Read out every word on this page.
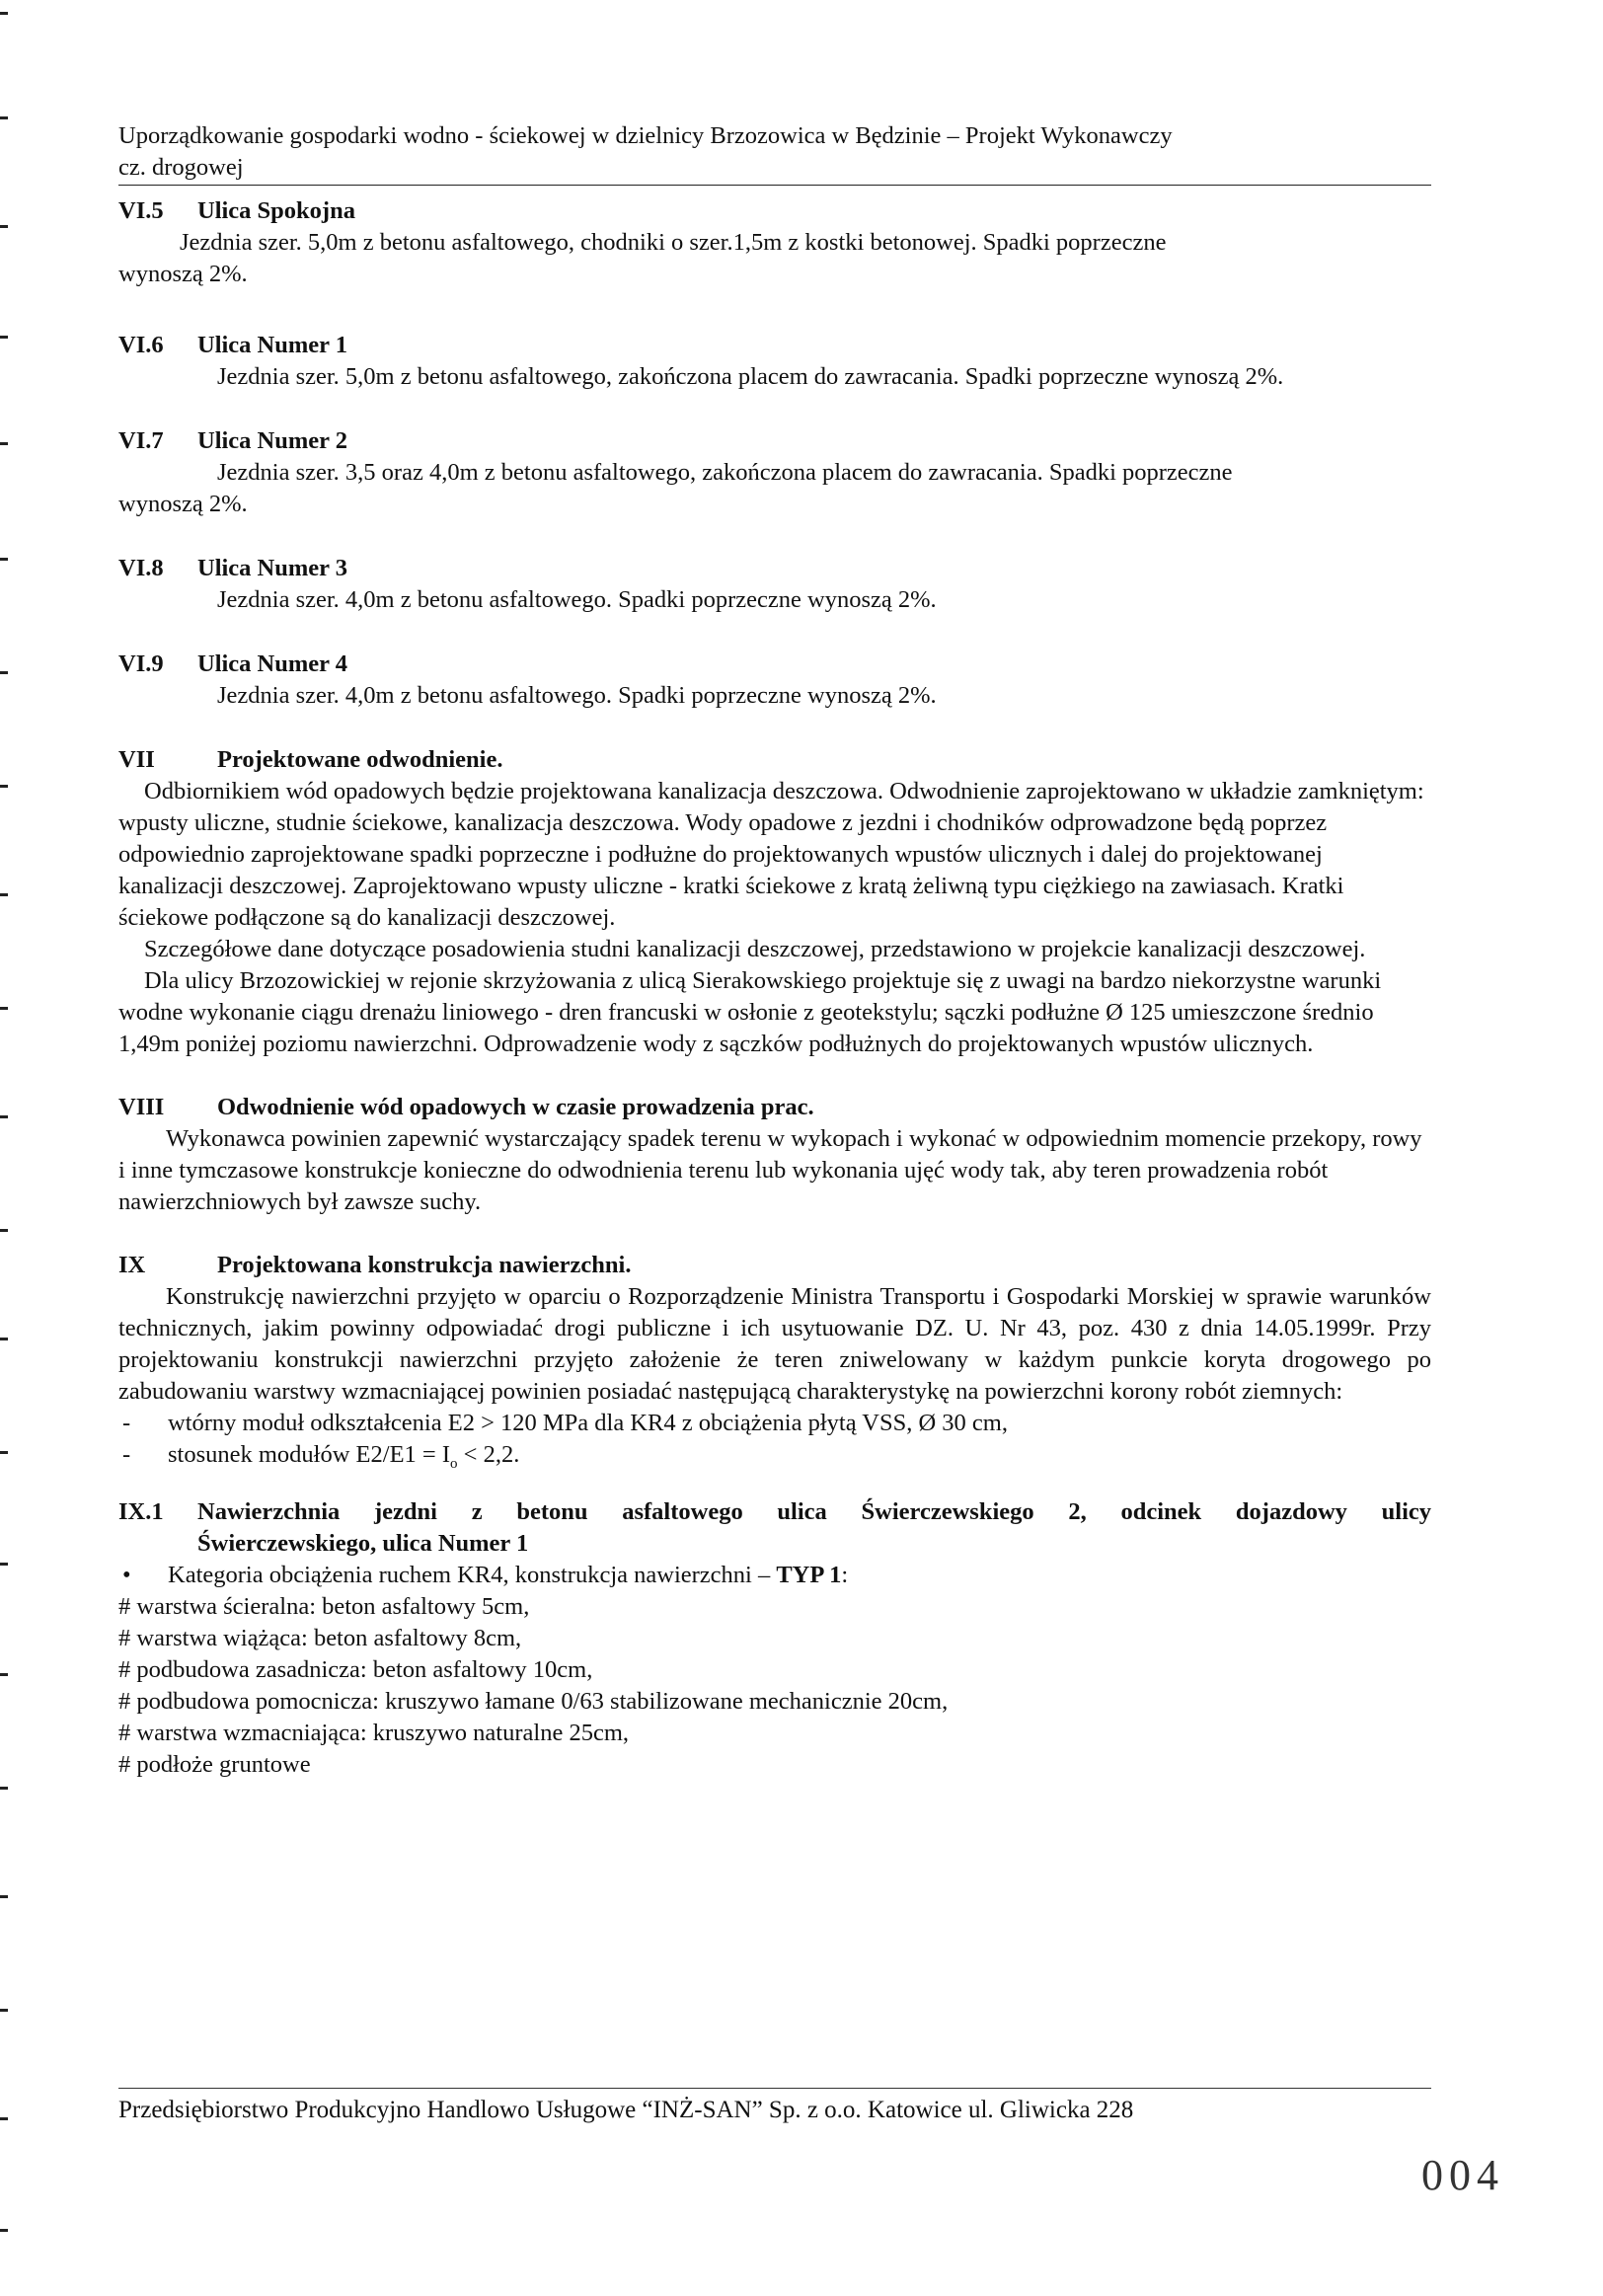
Uporządkowanie gospodarki wodno - ściekowej w dzielnicy Brzozowica w Będzinie – Projekt Wykonawczy
cz. drogowej
VI.5 Ulica Spokojna

Jezdnia szer. 5,0m z betonu asfaltowego, chodniki o szer.1,5m z kostki betonowej. Spadki poprzeczne

wynoszą 2%.

VI.6 Ulica Numer 1

Jezdnia szer. 5,0m z betonu asfaltowego, zakończona placem do zawracania. Spadki poprzeczne wynoszą 2%.

VI.7 Ulica Numer 2

Jezdnia szer. 3,5 oraz 4,0m z betonu asfaltowego, zakończona placem do zawracania. Spadki poprzeczne

wynoszą 2%.

VI.8 Ulica Numer 3

Jezdnia szer. 4,0m z betonu asfaltowego. Spadki poprzeczne wynoszą 2%.

VI.9 Ulica Numer 4

Jezdnia szer. 4,0m z betonu asfaltowego. Spadki poprzeczne wynoszą 2%.

VII	Projektowane odwodnienie.

Odbiornikiem wód opadowych będzie projektowana kanalizacja deszczowa. Odwodnienie zaprojektowano w układzie zamkniętym: wpusty uliczne, studnie ściekowe, kanalizacja deszczowa. Wody opadowe z jezdni i chodników odprowadzone będą poprzez odpowiednio zaprojektowane spadki poprzeczne i podłużne do projektowanych wpustów ulicznych i dalej do projektowanej kanalizacji deszczowej. Zaprojektowano wpusty uliczne - kratki ściekowe z kratą żeliwną typu ciężkiego na zawiasach. Kratki ściekowe podłączone są do kanalizacji deszczowej.

Szczegółowe dane dotyczące posadowienia studni kanalizacji deszczowej, przedstawiono w projekcie kanalizacji deszczowej.

Dla ulicy Brzozowickiej w rejonie skrzyżowania z ulicą Sierakowskiego projektuje się z uwagi na bardzo niekorzystne warunki wodne wykonanie ciągu drenażu liniowego - dren francuski w osłonie z geotekstylu; sączki podłużne Ø 125 umieszczone średnio 1,49m poniżej poziomu nawierzchni. Odprowadzenie wody z sączków podłużnych do projektowanych wpustów ulicznych.

VIII Odwodnienie wód opadowych w czasie prowadzenia prac.

Wykonawca powinien zapewnić wystarczający spadek terenu w wykopach i wykonać w odpowiednim momencie przekopy, rowy i inne tymczasowe konstrukcje konieczne do odwodnienia terenu lub wykonania ujęć wody tak, aby teren prowadzenia robót nawierzchniowych był zawsze suchy.

IX	Projektowana konstrukcja nawierzchni.

Konstrukcję nawierzchni przyjęto w oparciu o Rozporządzenie Ministra Transportu i Gospodarki Morskiej w sprawie warunków technicznych, jakim powinny odpowiadać drogi publiczne i ich usytuowanie DZ. U. Nr 43, poz. 430 z dnia 14.05.1999r. Przy projektowaniu konstrukcji nawierzchni przyjęto założenie że teren zniwelowany w każdym punkcie koryta drogowego po zabudowaniu warstwy wzmacniającej powinien posiadać następującą charakterystykę na powierzchni korony robót ziemnych:

-	wtórny moduł odkształcenia E2 > 120 MPa dla KR4 z obciążenia płytą VSS, Ø 30 cm,
-	stosunek modułów $E2/E1 = I_o < 2,2$.
IX.1	Nawierzchnia jezdni z betonu asfaltowego ulica Świerczewskiego 2, odcinek dojazdowy ulicy
Świerczewskiego, ulica Numer 1
•	Kategoria obciążenia ruchem KR4, konstrukcja nawierzchni – TYP 1:
# warstwa ścieralna: beton asfaltowy 5cm,
# warstwa wiążąca: beton asfaltowy 8cm,
# podbudowa zasadnicza: beton asfaltowy 10cm,
# podbudowa pomocnicza: kruszywo łamane 0/63 stabilizowane mechanicznie 20cm,
# warstwa wzmacniająca: kruszywo naturalne 25cm,
# podłoże gruntowe
Przedsiębiorstwo Produkcyjno Handlowo Usługowe “INŻ-SAN” Sp. z o.o. Katowice ul. Gliwicka 228
004
